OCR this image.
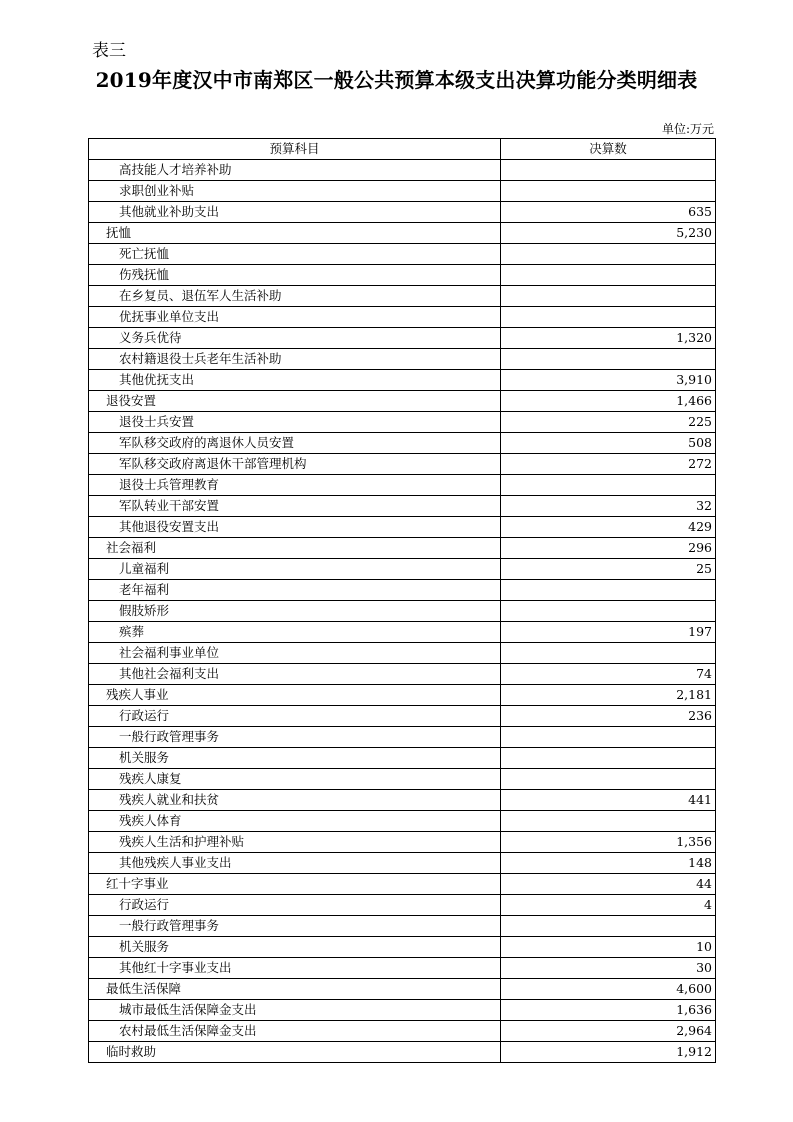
表三
2019年度汉中市南郑区一般公共预算本级支出决算功能分类明细表
单位:万元
预算科目	决算数
高技能人才培养补助	
求职创业补贴	
其他就业补助支出	635
抚恤	5,230
死亡抚恤	
伤残抚恤	
在乡复员、退伍军人生活补助	
优抚事业单位支出	
义务兵优待	1,320
农村籍退役士兵老年生活补助	
其他优抚支出	3,910
退役安置	1,466
退役士兵安置	225
军队移交政府的离退休人员安置	508
军队移交政府离退休干部管理机构	272
退役士兵管理教育	
军队转业干部安置	32
其他退役安置支出	429
社会福利	296
儿童福利	25
老年福利	
假肢矫形	
殡葬	197
社会福利事业单位	
其他社会福利支出	74
残疾人事业	2,181
行政运行	236
一般行政管理事务	
机关服务	
残疾人康复	
残疾人就业和扶贫	441
残疾人体育	
残疾人生活和护理补贴	1,356
其他残疾人事业支出	148
红十字事业	44
行政运行	4
一般行政管理事务	
机关服务	10
其他红十字事业支出	30
最低生活保障	4,600
城市最低生活保障金支出	1,636
农村最低生活保障金支出	2,964
临时救助	1,912
